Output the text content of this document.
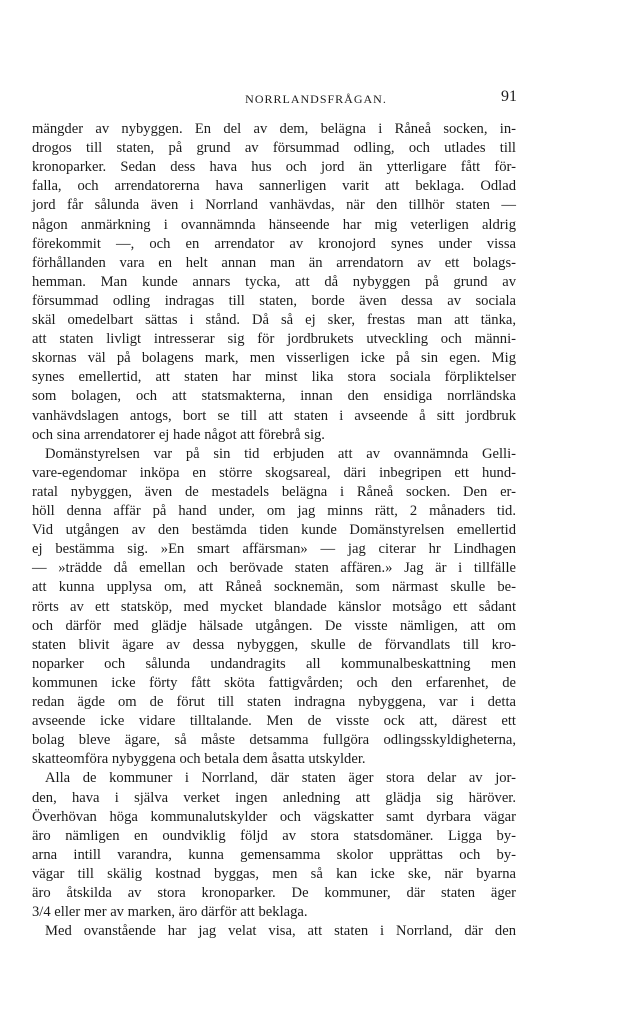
NORRLANDSFRÅGAN.	91
mängder av nybyggen. En del av dem, belägna i Råneå socken, in-
drogos till staten, på grund av försummad odling, och utlades till
kronoparker. Sedan dess hava hus och jord än ytterligare fått för-
falla, och arrendatorerna hava sannerligen varit att beklaga. Odlad
jord får sålunda även i Norrland vanhävdas, när den tillhör staten —
någon anmärkning i ovannämnda hänseende har mig veterligen aldrig
förekommit —, och en arrendator av kronojord synes under vissa
förhållanden vara en helt annan man än arrendatorn av ett bolags-
hemman. Man kunde annars tycka, att då nybyggen på grund av
försummad odling indragas till staten, borde även dessa av sociala
skäl omedelbart sättas i stånd. Då så ej sker, frestas man att tänka,
att staten livligt intresserar sig för jordbrukets utveckling och männi-
skornas väl på bolagens mark, men visserligen icke på sin egen. Mig
synes emellertid, att staten har minst lika stora sociala förpliktelser
som bolagen, och att statsmakterna, innan den ensidiga norrländska
vanhävdslagen antogs, bort se till att staten i avseende å sitt jordbruk
och sina arrendatorer ej hade något att förebrå sig.
Domänstyrelsen var på sin tid erbjuden att av ovannämnda Gelli-
vare-egendomar inköpa en större skogsareal, däri inbegripen ett hund-
ratal nybyggen, även de mestadels belägna i Råneå socken. Den er-
höll denna affär på hand under, om jag minns rätt, 2 månaders tid.
Vid utgången av den bestämda tiden kunde Domänstyrelsen emellertid
ej bestämma sig. »En smart affärsman» — jag citerar hr Lindhagen
— »trädde då emellan och berövade staten affären.» Jag är i tillfälle
att kunna upplysa om, att Råneå socknemän, som närmast skulle be-
rörts av ett statsköp, med mycket blandade känslor motsågo ett sådant
och därför med glädje hälsade utgången. De visste nämligen, att om
staten blivit ägare av dessa nybyggen, skulle de förvandlats till kro-
noparker och sålunda undandragits all kommunalbeskattning men
kommunen icke förty fått sköta fattigvården; och den erfarenhet, de
redan ägde om de förut till staten indragna nybyggena, var i detta
avseende icke vidare tilltalande. Men de visste ock att, därest ett
bolag bleve ägare, så måste detsamma fullgöra odlingsskyldigheterna,
skatteomföra nybyggena och betala dem åsatta utskylder.
Alla de kommuner i Norrland, där staten äger stora delar av jor-
den, hava i själva verket ingen anledning att glädja sig häröver.
Överhövan höga kommunalutskylder och vägskatter samt dyrbara vägar
äro nämligen en oundviklig följd av stora statsdomäner. Ligga by-
arna intill varandra, kunna gemensamma skolor upprättas och by-
vägar till skälig kostnad byggas, men så kan icke ske, när byarna
äro åtskilda av stora kronoparker. De kommuner, där staten äger
3/4 eller mer av marken, äro därför att beklaga.
Med ovanstående har jag velat visa, att staten i Norrland, där den
